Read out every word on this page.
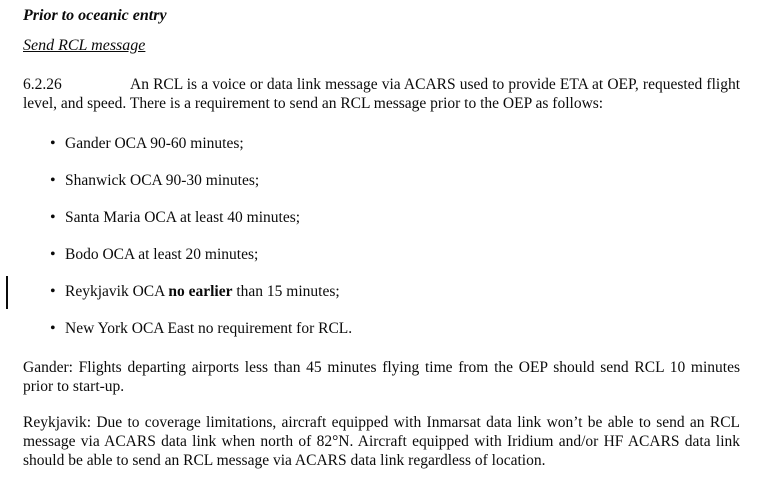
Prior to oceanic entry

Send RCL message

6.2.26	An RCL is a voice or data link message via ACARS used to provide ETA at OEP, requested flight level, and speed. There is a requirement to send an RCL message prior to the OEP as follows:

• Gander OCA 90-60 minutes;
• Shanwick OCA 90-30 minutes;
• Santa Maria OCA at least 40 minutes;
• Bodo OCA at least 20 minutes;
• Reykjavik OCA no earlier than 15 minutes;
• New York OCA East no requirement for RCL.

Gander: Flights departing airports less than 45 minutes flying time from the OEP should send RCL 10 minutes prior to start-up.

Reykjavik: Due to coverage limitations, aircraft equipped with Inmarsat data link won’t be able to send an RCL message via ACARS data link when north of 82°N. Aircraft equipped with Iridium and/or HF ACARS data link should be able to send an RCL message via ACARS data link regardless of location.
